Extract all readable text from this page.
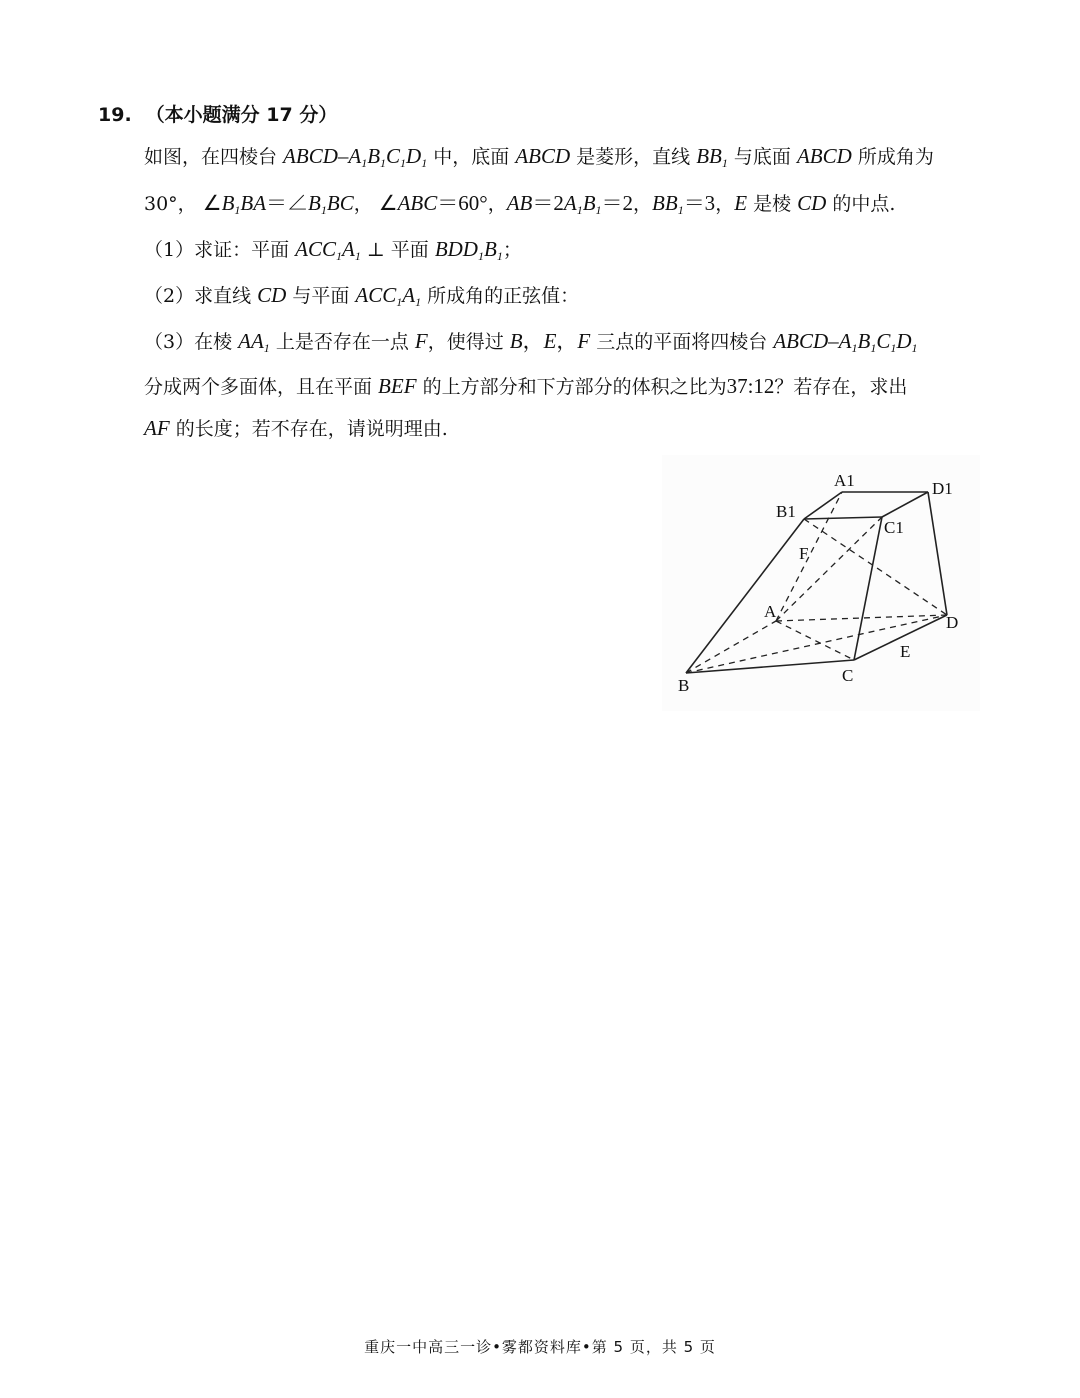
19. （本小题满分 17 分）
如图，在四棱台 ABCD–$A_1B_1C_1D_1$ 中，底面 ABCD 是菱形，直线 $BB_1$ 与底面 ABCD 所成角为
30°， $\angle B_1BA=\angle B_1BC$， ∠ABC＝60°，$AB=2A_1B_1=2$，$BB_1=3$，E 是棱 CD 的中点.
（1）求证：平面 $ACC_1A_1$ ⊥ 平面 $BDD_1B_1$；
（2）求直线 CD 与平面 $ACC_1A_1$ 所成角的正弦值：
（3）在棱 $AA_1$ 上是否存在一点 F，使得过 B，E，F 三点的平面将四棱台 ABCD–$A_1B_1C_1D_1$
分成两个多面体，且在平面 BEF 的上方部分和下方部分的体积之比为37:12？若存在，求出
AF 的长度；若不存在，请说明理由.
A1	D1
B1
C1
F
A
D
E
B
C
重庆一中高三一诊•雾都资料库•第 5 页，共 5 页
